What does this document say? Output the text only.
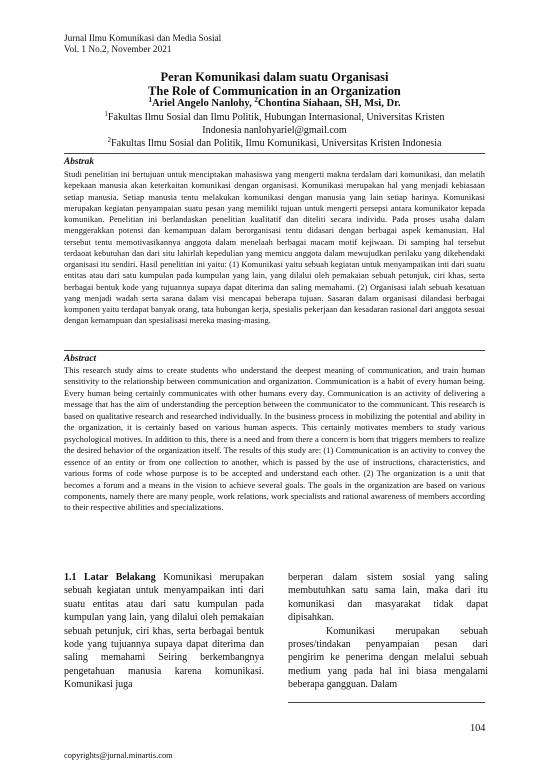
Jurnal Ilmu Komunikasi dan Media Sosial
Vol. 1 No.2, November 2021
Peran Komunikasi dalam suatu Organisasi
The Role of Communication in an Organization
$^1$Ariel Angelo Nanlohy, $^2$Chontina Siahaan, SH, Msi, Dr.
$^1$Fakultas Ilmu Sosial dan Ilmu Politik, Hubungan Internasional, Universitas Kristen
Indonesia nanlohyariel@gmail.com
$^2$Fakultas Ilmu Sosial dan Politik, Ilmu Komunikasi, Universitas Kristen Indonesia
Abstrak

Studi penelitian ini bertujuan untuk menciptakan mahasiswa yang mengerti makna terdalam dari komunikasi, dan melatih kepekaan manusia akan keterkaitan komunikasi dengan organisasi. Komunikasi merupakan hal yang menjadi kebiasaan setiap manusia. Setiap manusia tentu melakukan komunikasi dengan manusia yang lain setiap harinya. Komunikasi merupakan kegiatan penyampaian suatu pesan yang memiliki tujuan untuk mengerti persepsi antara komunikator kepada komunikan. Penelitian ini berlandaskan penelitian kualitatif dan diteliti secara individu. Pada proses usaha dalam menggerakkan potensi dan kemampuan dalam berorganisasi tentu didasari dengan berbagai aspek kemanusian. Hal tersebut tentu memotivasikannya anggota dalam menelaah berbagai macam motif kejiwaan. Di samping hal tersebut terdaoat kebutuhan dan dari situ lahirlah kepedulian yang memicu anggota dalam mewujudkan perilaku yang dikehendaki organisasi itu sendiri. Hasil penelitian ini yaitu: (1) Komunikasi yaitu sebuah kegiatan untuk menyampaikan inti dari suatu entitas atau dari satu kumpulan pada kumpulan yang lain, yang dilalui oleh pemakaian sebuah petunjuk, ciri khas, serta berbagai bentuk kode yang tujuannya supaya dapat diterima dan saling memahami. (2) Organisasi ialah sebuah kesatuan yang menjadi wadah serta sarana dalam visi mencapai beberapa tujuan. Sasaran dalam organisasi dilandasi berbagai komponen yaitu terdapat banyak orang, tata hubungan kerja, spesialis pekerjaan dan kesadaran rasional dari anggota sesuai dengan kemampuan dan spesialisasi mereka masing-masing.

Abstract

This research study aims to create students who understand the deepest meaning of communication, and train human sensitivity to the relationship between communication and organization. Communication is a habit of every human being. Every human being certainly communicates with other humans every day. Communication is an activity of delivering a message that has the aim of understanding the perception between the communicator to the communicant. This research is based on qualitative research and researched individually. In the business process in mobilizing the potential and ability in the organization, it is certainly based on various human aspects. This certainly motivates members to study various psychological motives. In addition to this, there is a need and from there a concern is born that triggers members to realize the desired behavior of the organization itself. The results of this study are: (1) Communication is an activity to convey the essence of an entity or from one collection to another, which is passed by the use of instructions, characteristics, and various forms of code whose purpose is to be accepted and understand each other. (2) The organization is a unit that becomes a forum and a means in the vision to achieve several goals. The goals in the organization are based on various components, namely there are many people, work relations, work specialists and rational awareness of members according to their respective abilities and specializations.

1.1 Latar Belakang Komunikasi merupakan sebuah kegiatan untuk menyampaikan inti dari suatu entitas atau dari satu kumpulan pada kumpulan yang lain, yang dilalui oleh pemakaian sebuah petunjuk, ciri khas, serta berbagai bentuk kode yang tujuannya supaya dapat diterima dan saling memahami Seiring berkembangnya pengetahuan manusia karena komunikasi. Komunikasi juga

berperan dalam sistem sosial yang saling membutuhkan satu sama lain, maka dari itu komunikasi dan masyarakat tidak dapat dipisahkan.
Komunikasi merupakan sebuah proses/tindakan penyampaian pesan dari pengirim ke penerima dengan melalui sebuah medium yang pada hal ini biasa mengalami beberapa gangguan. Dalam

104
copyrights@jurnal.minartis.com
